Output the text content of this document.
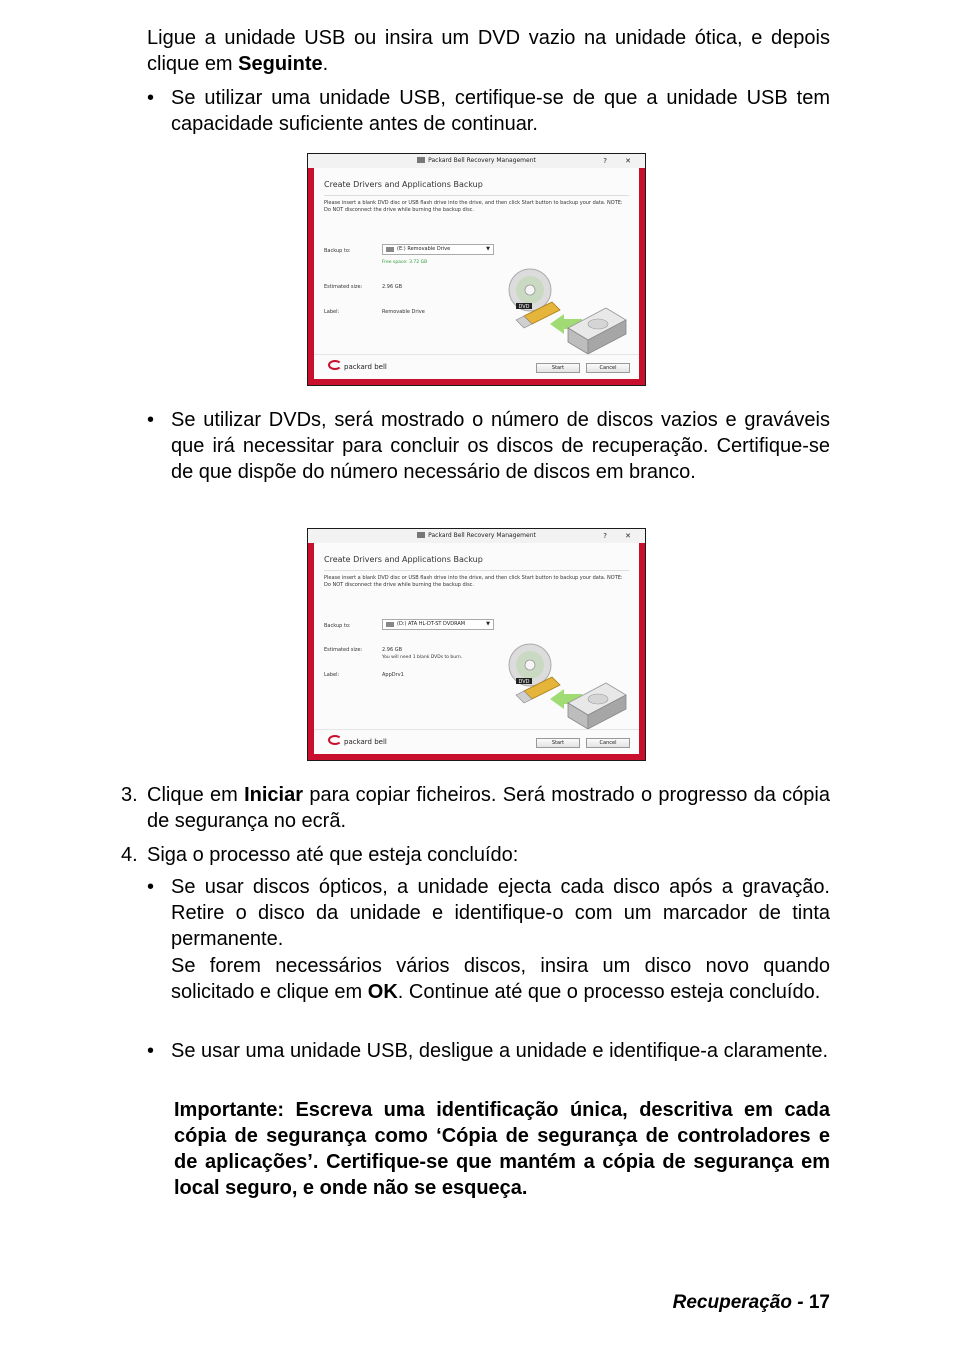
Ligue a unidade USB ou insira um DVD vazio na unidade ótica, e depois clique em Seguinte.

• Se utilizar uma unidade USB, certifique-se de que a unidade USB tem capacidade suficiente antes de continuar.

Packard Bell Recovery Management	? ✕
Create Drivers and Applications Backup
Please insert a blank DVD disc or USB flash drive into the drive, and then click Start button to backup your data. NOTE: Do NOT disconnect the drive while burning the backup disc.
Backup to:	(E:) Removable Drive	▼
Free space: 3.72 GB
Estimated size:	2.96 GB
Label:	Removable Drive
DVD
packard bell	Start	Cancel
• Se utilizar DVDs, será mostrado o número de discos vazios e graváveis que irá necessitar para concluir os discos de recuperação. Certifique-se de que dispõe do número necessário de discos em branco.

Packard Bell Recovery Management	? ✕
Create Drivers and Applications Backup
Please insert a blank DVD disc or USB flash drive into the drive, and then click Start button to backup your data. NOTE: Do NOT disconnect the drive while burning the backup disc.
Backup to:	(D:) ATA HL-DT-ST DVDRAM	▼
Estimated size:	2.96 GB
You will need 1 blank DVDs to burn.
Label:	AppDrv1
DVD
packard bell	Start	Cancel
3. Clique em Iniciar para copiar ficheiros. Será mostrado o progresso da cópia de segurança no ecrã.

4. Siga o processo até que esteja concluído:

• Se usar discos ópticos, a unidade ejecta cada disco após a gravação. Retire o disco da unidade e identifique-o com um marcador de tinta permanente.

Se forem necessários vários discos, insira um disco novo quando solicitado e clique em OK. Continue até que o processo esteja concluído.

• Se usar uma unidade USB, desligue a unidade e identifique-a claramente.

Importante: Escreva uma identificação única, descritiva em cada cópia de segurança como ‘Cópia de segurança de controladores e de aplicações’. Certifique-se que mantém a cópia de segurança em local seguro, e onde não se esqueça.

Recuperação - 17
